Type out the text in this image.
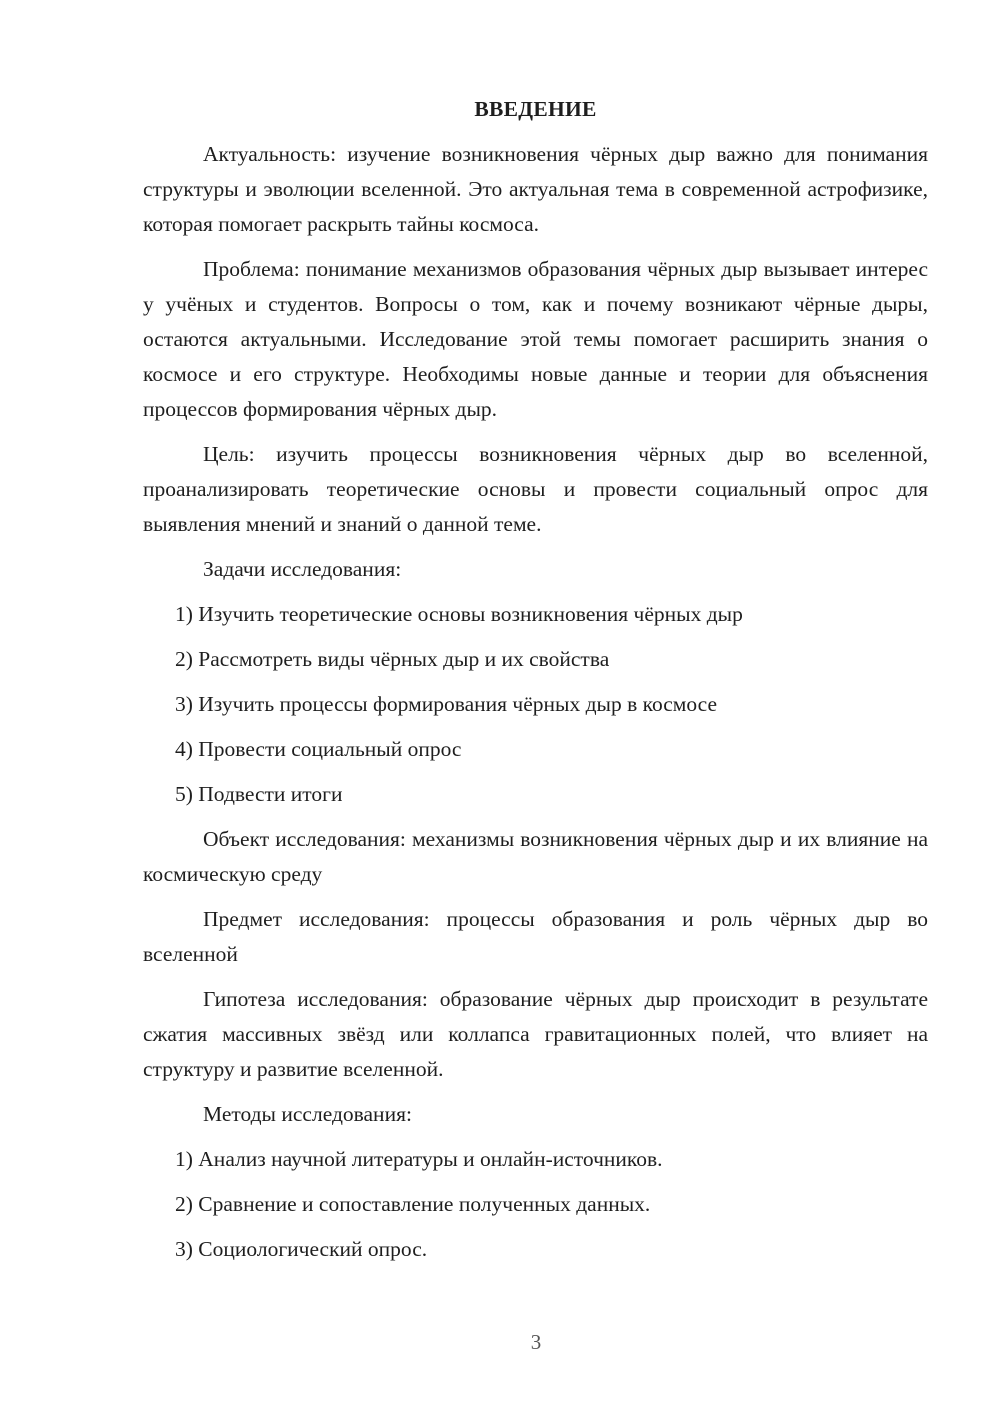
ВВЕДЕНИЕ

Актуальность: изучение возникновения чёрных дыр важно для понимания структуры и эволюции вселенной. Это актуальная тема в современной астрофизике, которая помогает раскрыть тайны космоса.

Проблема: понимание механизмов образования чёрных дыр вызывает интерес у учёных и студентов. Вопросы о том, как и почему возникают чёрные дыры, остаются актуальными. Исследование этой темы помогает расширить знания о космосе и его структуре. Необходимы новые данные и теории для объяснения процессов формирования чёрных дыр.

Цель: изучить процессы возникновения чёрных дыр во вселенной, проанализировать теоретические основы и провести социальный опрос для выявления мнений и знаний о данной теме.

Задачи исследования:

1) Изучить теоретические основы возникновения чёрных дыр

2) Рассмотреть виды чёрных дыр и их свойства

3) Изучить процессы формирования чёрных дыр в космосе

4) Провести социальный опрос

5) Подвести итоги

Объект исследования: механизмы возникновения чёрных дыр и их влияние на космическую среду

Предмет исследования: процессы образования и роль чёрных дыр во вселенной

Гипотеза исследования: образование чёрных дыр происходит в результате сжатия массивных звёзд или коллапса гравитационных полей, что влияет на структуру и развитие вселенной.

Методы исследования:

1) Анализ научной литературы и онлайн-источников.

2) Сравнение и сопоставление полученных данных.

3) Социологический опрос.

3
